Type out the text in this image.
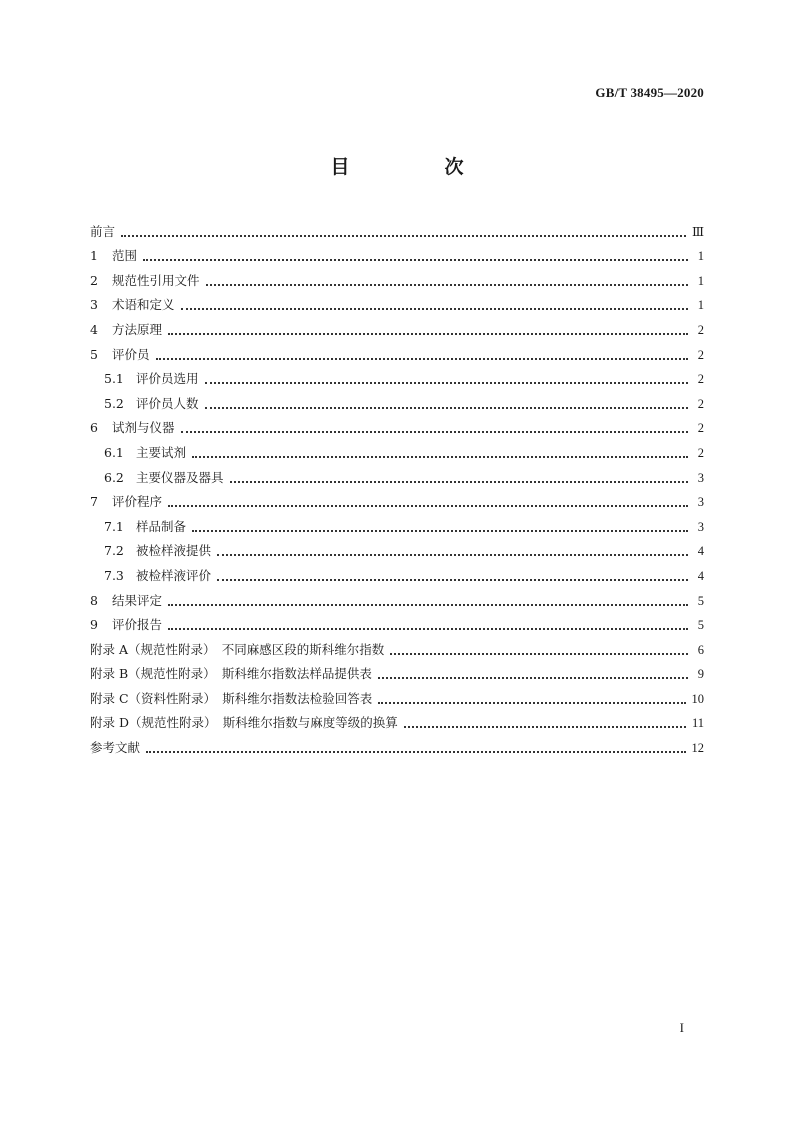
GB/T 38495—2020
目　次
前言	Ⅲ
1	范围	1
2	规范性引用文件	1
3	术语和定义	1
4	方法原理	2
5	评价员	2
5.1 评价员选用	2
5.2 评价员人数	2
6	试剂与仪器	2
6.1 主要试剂	2
6.2 主要仪器及器具	3
7	评价程序	3
7.1 样品制备	3
7.2 被检样液提供	4
7.3 被检样液评价	4
8	结果评定	5
9	评价报告	5
附录 A（规范性附录）　不同麻感区段的斯科维尔指数	6
附录 B（规范性附录）　斯科维尔指数法样品提供表	9
附录 C（资料性附录）　斯科维尔指数法检验回答表	10
附录 D（规范性附录）　斯科维尔指数与麻度等级的换算	11
参考文献	12
I
